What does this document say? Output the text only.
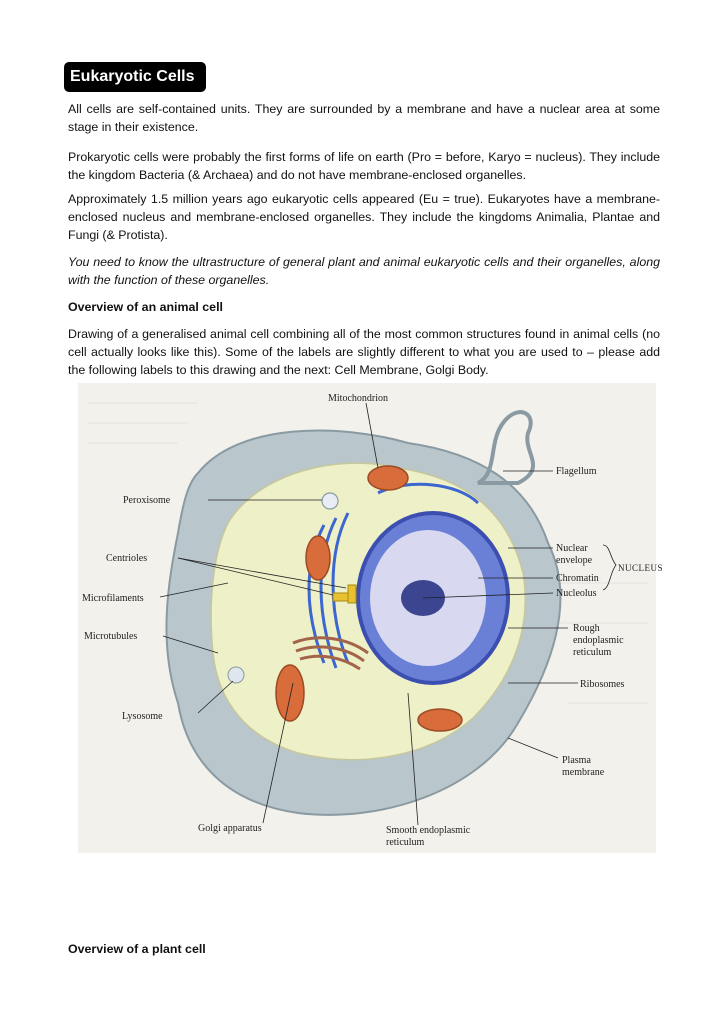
Eukaryotic Cells

All cells are self-contained units. They are surrounded by a membrane and have a nuclear area at some stage in their existence.

Prokaryotic cells were probably the first forms of life on earth (Pro = before, Karyo = nucleus). They include the kingdom Bacteria (& Archaea) and do not have membrane-enclosed organelles.

Approximately 1.5 million years ago eukaryotic cells appeared (Eu = true). Eukaryotes have a membrane-enclosed nucleus and membrane-enclosed organelles. They include the kingdoms Animalia, Plantae and Fungi (& Protista).

You need to know the ultrastructure of general plant and animal eukaryotic cells and their organelles, along with the function of these organelles.

Overview of an animal cell

Drawing of a generalised animal cell combining all of the most common structures found in animal cells (no cell actually looks like this). Some of the labels are slightly different to what you are used to – please add the following labels to this drawing and the next: Cell Membrane, Golgi Body.

Mitochondrion
Flagellum
Peroxisome
Centrioles
Microfilaments
Microtubules
Lysosome
Golgi apparatus	Smooth endoplasmic
reticulum
Nuclear
envelope
Chromatin
Nucleolus
NUCLEUS
Rough
endoplasmic
reticulum
Ribosomes
Plasma
membrane

Overview of a plant cell
